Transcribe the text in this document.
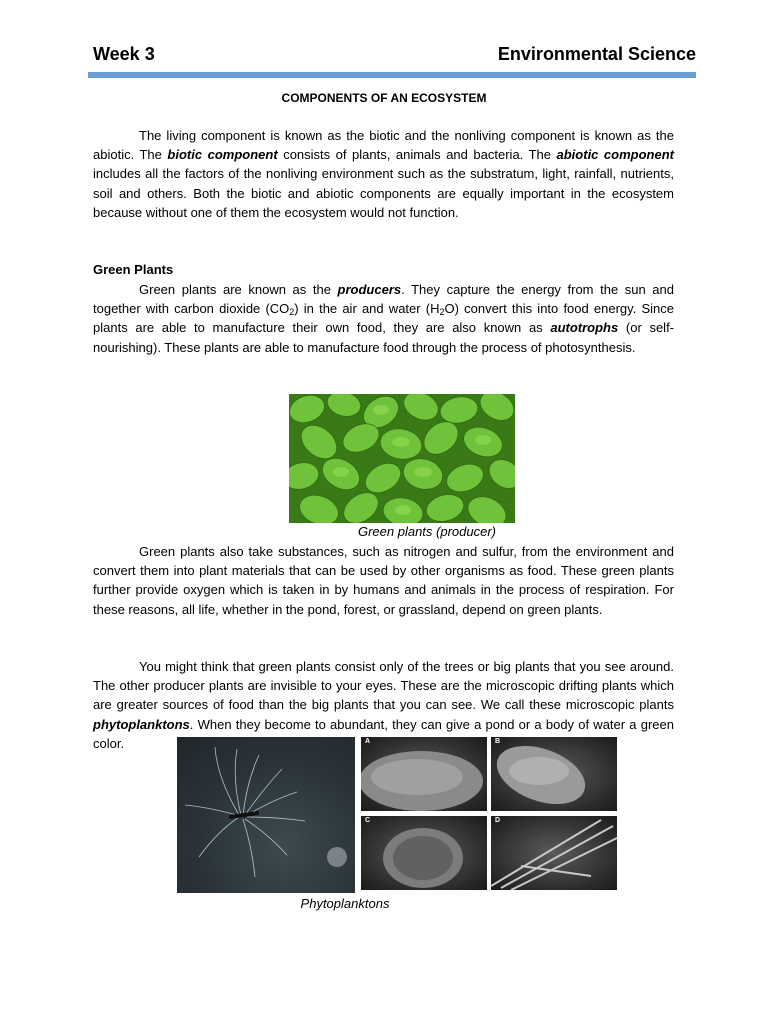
Week 3	Environmental Science
COMPONENTS OF AN ECOSYSTEM

The living component is known as the biotic and the nonliving component is known as the abiotic. The biotic component consists of plants, animals and bacteria. The abiotic component includes all the factors of the nonliving environment such as the substratum, light, rainfall, nutrients, soil and others. Both the biotic and abiotic components are equally important in the ecosystem because without one of them the ecosystem would not function.

Green Plants

Green plants are known as the producers. They capture the energy from the sun and together with carbon dioxide $(CO_2)$ in the air and water $(H_2O)$ convert this into food energy. Since plants are able to manufacture their own food, they are also known as autotrophs (or self-nourishing). These plants are able to manufacture food through the process of photosynthesis.

Green plants (producer)

Green plants also take substances, such as nitrogen and sulfur, from the environment and convert them into plant materials that can be used by other organisms as food. These green plants further provide oxygen which is taken in by humans and animals in the process of respiration. For these reasons, all life, whether in the pond, forest, or grassland, depend on green plants.

You might think that green plants consist only of the trees or big plants that you see around. The other producer plants are invisible to your eyes. These are the microscopic drifting plants which are greater sources of food than the big plants that you can see. We call these microscopic plants phytoplanktons. When they become to abundant, they can give a pond or a body of water a green color.	A	B
C	D
Phytoplanktons
